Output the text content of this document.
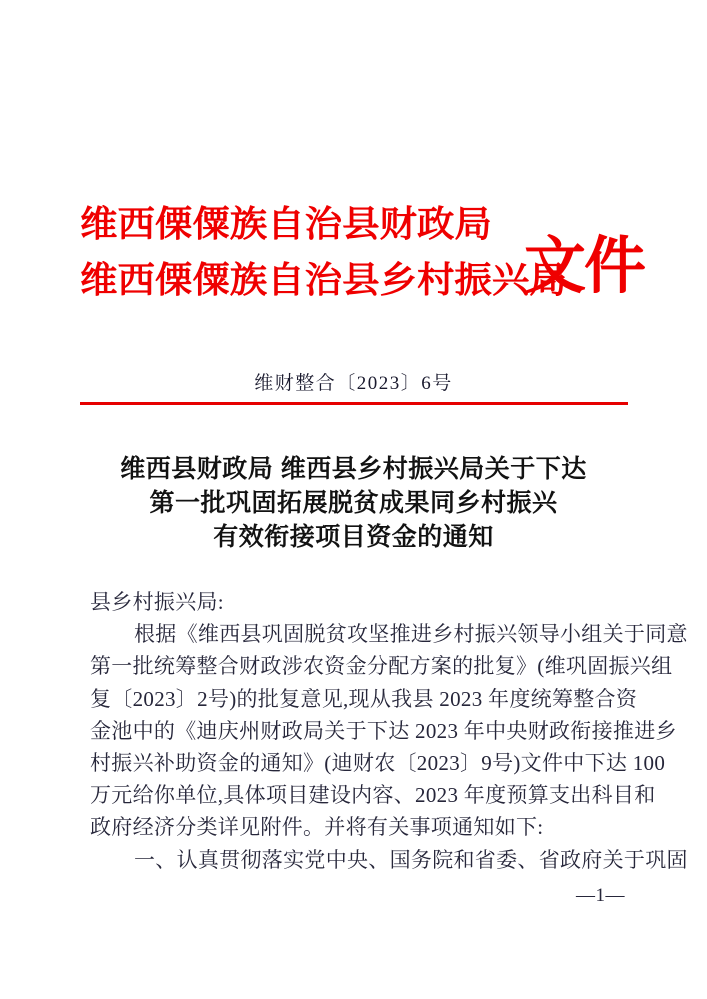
维西傈僳族自治县财政局
维西傈僳族自治县乡村振兴局
文件
维财整合〔2023〕6号
维西县财政局 维西县乡村振兴局关于下达
第一批巩固拓展脱贫成果同乡村振兴
有效衔接项目资金的通知
县乡村振兴局:
根据《维西县巩固脱贫攻坚推进乡村振兴领导小组关于同意
第一批统筹整合财政涉农资金分配方案的批复》(维巩固振兴组
复〔2023〕2号)的批复意见,现从我县 2023 年度统筹整合资
金池中的《迪庆州财政局关于下达 2023 年中央财政衔接推进乡
村振兴补助资金的通知》(迪财农〔2023〕9号)文件中下达 100
万元给你单位,具体项目建设内容、2023 年度预算支出科目和
政府经济分类详见附件。并将有关事项通知如下:
一、认真贯彻落实党中央、国务院和省委、省政府关于巩固
—1—
